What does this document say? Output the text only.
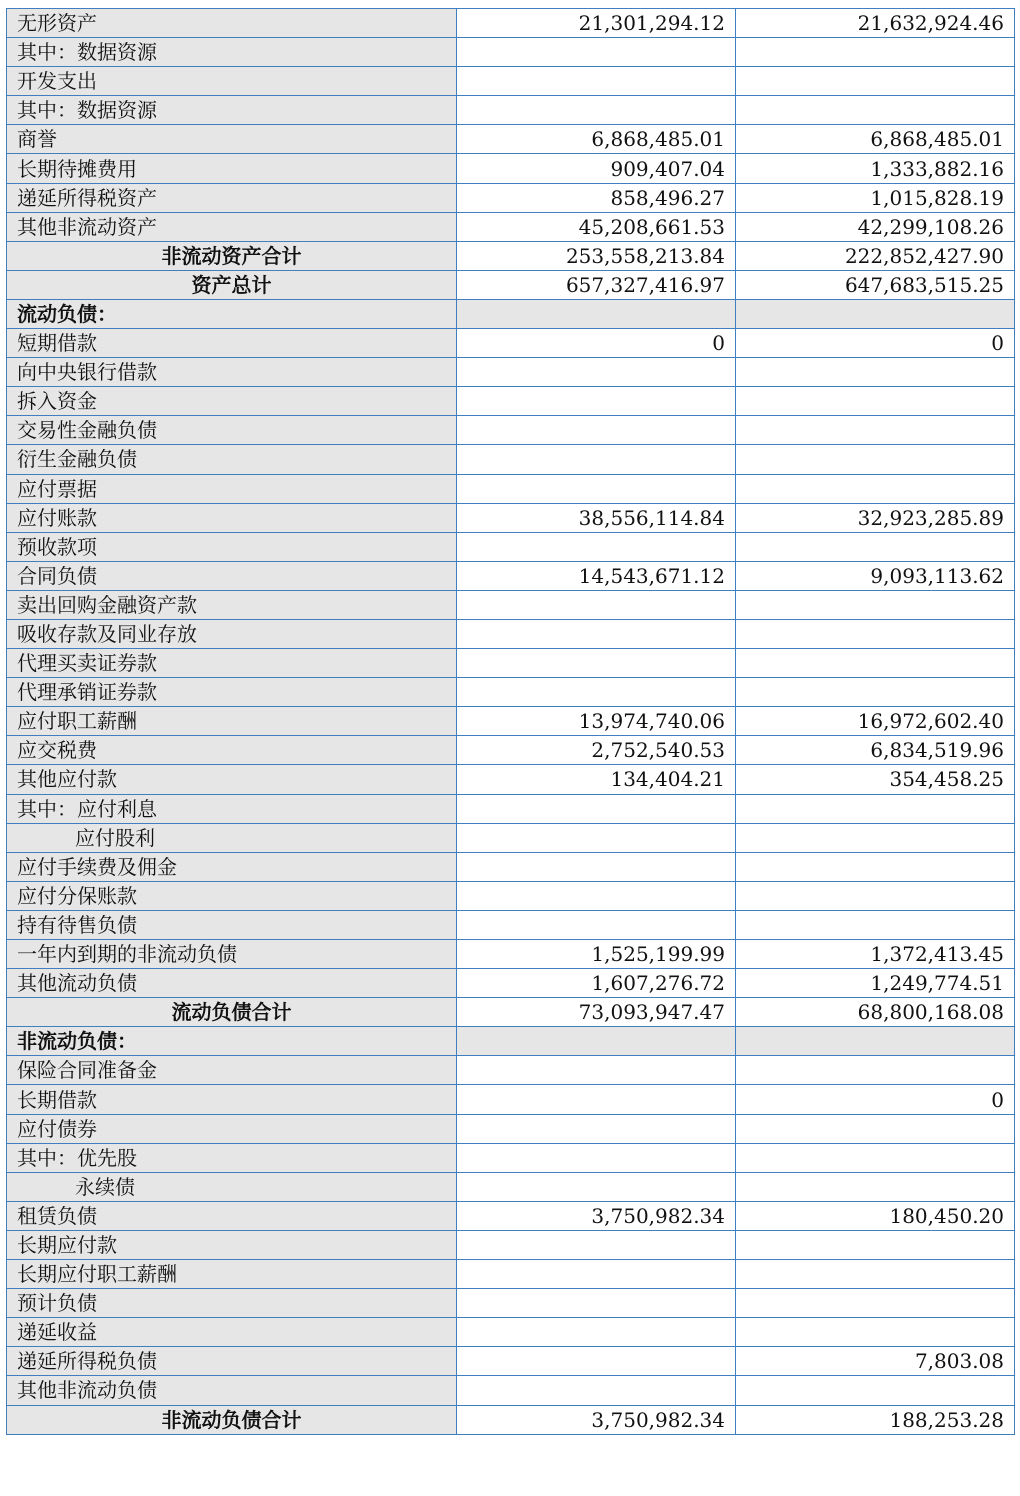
无形资产	21,301,294.12	21,632,924.46
其中：数据资源		
开发支出		
其中：数据资源		
商誉	6,868,485.01	6,868,485.01
长期待摊费用	909,407.04	1,333,882.16
递延所得税资产	858,496.27	1,015,828.19
其他非流动资产	45,208,661.53	42,299,108.26
非流动资产合计	253,558,213.84	222,852,427.90
资产总计	657,327,416.97	647,683,515.25
流动负债：		
短期借款	0	0
向中央银行借款		
拆入资金		
交易性金融负债		
衍生金融负债		
应付票据		
应付账款	38,556,114.84	32,923,285.89
预收款项		
合同负债	14,543,671.12	9,093,113.62
卖出回购金融资产款		
吸收存款及同业存放		
代理买卖证券款		
代理承销证券款		
应付职工薪酬	13,974,740.06	16,972,602.40
应交税费	2,752,540.53	6,834,519.96
其他应付款	134,404.21	354,458.25
其中：应付利息		
应付股利		
应付手续费及佣金		
应付分保账款		
持有待售负债		
一年内到期的非流动负债	1,525,199.99	1,372,413.45
其他流动负债	1,607,276.72	1,249,774.51
流动负债合计	73,093,947.47	68,800,168.08
非流动负债：		
保险合同准备金		
长期借款		0
应付债券		
其中：优先股		
永续债		
租赁负债	3,750,982.34	180,450.20
长期应付款		
长期应付职工薪酬		
预计负债		
递延收益		
递延所得税负债		7,803.08
其他非流动负债		
非流动负债合计	3,750,982.34	188,253.28
